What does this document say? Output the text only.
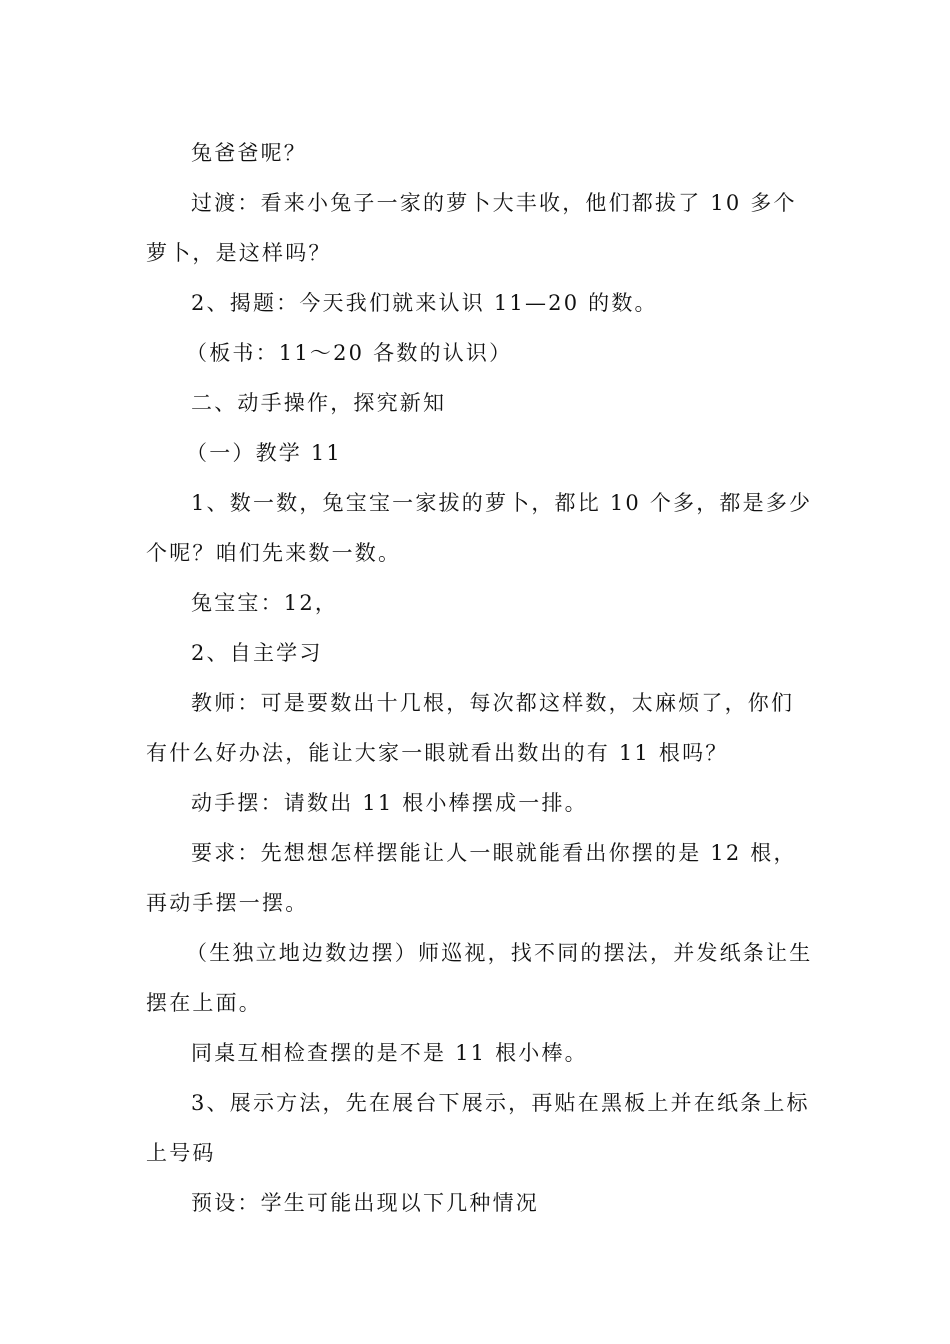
兔爸爸呢？

过渡：看来小兔子一家的萝卜大丰收，他们都拔了 10 多个萝卜，是这样吗？

2、揭题：今天我们就来认识 11—20 的数。

（板书：11～20 各数的认识）

二、动手操作，探究新知

（一）教学 11

1、数一数，兔宝宝一家拔的萝卜，都比 10 个多，都是多少个呢？咱们先来数一数。

兔宝宝：12，

2、自主学习

教师：可是要数出十几根，每次都这样数，太麻烦了，你们有什么好办法，能让大家一眼就看出数出的有 11 根吗？

动手摆：请数出 11 根小棒摆成一排。

要求：先想想怎样摆能让人一眼就能看出你摆的是 12 根，再动手摆一摆。

（生独立地边数边摆）师巡视，找不同的摆法，并发纸条让生摆在上面。

同桌互相检查摆的是不是 11 根小棒。

3、展示方法，先在展台下展示，再贴在黑板上并在纸条上标上号码

预设：学生可能出现以下几种情况
